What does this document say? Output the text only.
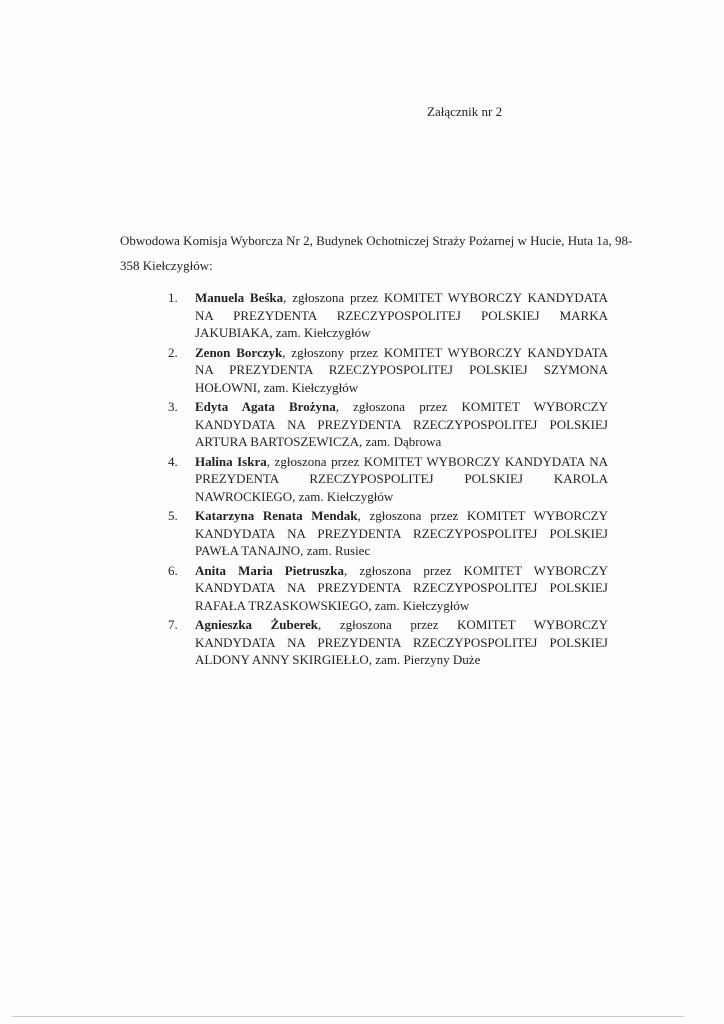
Załącznik nr 2
Obwodowa Komisja Wyborcza Nr 2, Budynek Ochotniczej Straży Pożarnej w Hucie, Huta 1a, 98-358 Kiełczygłów:
1. Manuela Beśka, zgłoszona przez KOMITET WYBORCZY KANDYDATA NA PREZYDENTA RZECZYPOSPOLITEJ POLSKIEJ MARKA JAKUBIAKA, zam. Kiełczygłów
2. Zenon Borczyk, zgłoszony przez KOMITET WYBORCZY KANDYDATA NA PREZYDENTA RZECZYPOSPOLITEJ POLSKIEJ SZYMONA HOŁOWNI, zam. Kiełczygłów
3. Edyta Agata Brożyna, zgłoszona przez KOMITET WYBORCZY KANDYDATA NA PREZYDENTA RZECZYPOSPOLITEJ POLSKIEJ ARTURA BARTOSZEWICZA, zam. Dąbrowa
4. Halina Iskra, zgłoszona przez KOMITET WYBORCZY KANDYDATA NA PREZYDENTA RZECZYPOSPOLITEJ POLSKIEJ KAROLA NAWROCKIEGO, zam. Kiełczygłów
5. Katarzyna Renata Mendak, zgłoszona przez KOMITET WYBORCZY KANDYDATA NA PREZYDENTA RZECZYPOSPOLITEJ POLSKIEJ PAWŁA TANAJNO, zam. Rusiec
6. Anita Maria Pietruszka, zgłoszona przez KOMITET WYBORCZY KANDYDATA NA PREZYDENTA RZECZYPOSPOLITEJ POLSKIEJ RAFAŁA TRZASKOWSKIEGO, zam. Kiełczygłów
7. Agnieszka Żuberek, zgłoszona przez KOMITET WYBORCZY KANDYDATA NA PREZYDENTA RZECZYPOSPOLITEJ POLSKIEJ ALDONY ANNY SKIRGIEŁŁO, zam. Pierzyny Duże
